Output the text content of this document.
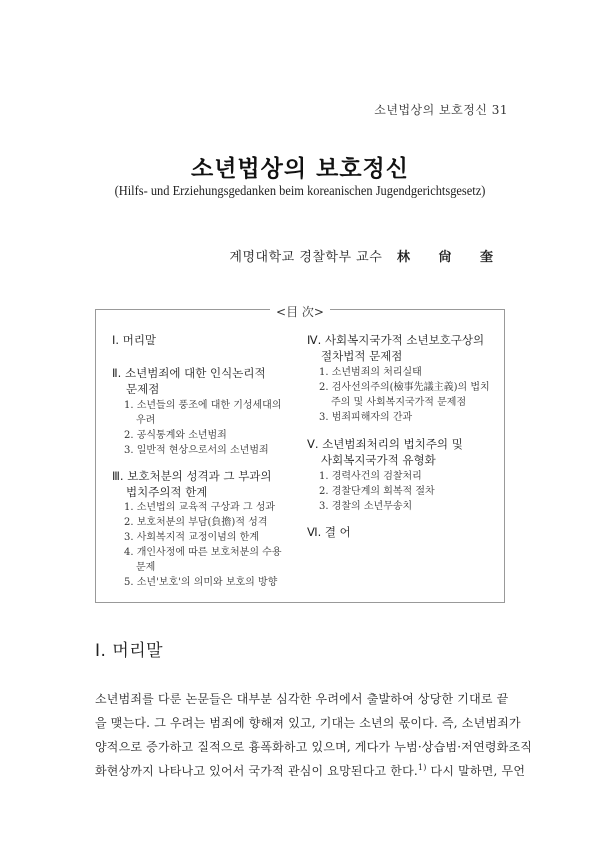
소년법상의 보호정신 31
소년법상의 보호정신
(Hilfs- und Erziehungsgedanken beim koreanischen Jugendgerichtsgesetz)
계명대학교 경찰학부 교수 林 尙 奎
<目 次>
Ⅰ. 머리말
Ⅱ. 소년범죄에 대한 인식논리적
문제점
1. 소년들의 풍조에 대한 기성세대의
우려
2. 공식통계와 소년범죄
3. 일반적 현상으로서의 소년범죄
Ⅲ. 보호처분의 성격과 그 부과의
법치주의적 한계
1. 소년법의 교육적 구상과 그 성과
2. 보호처분의 부담(負擔)적 성격
3. 사회복지적 교정이념의 한계
4. 개인사정에 따른 보호처분의 수용
문제
5. 소년'보호'의 의미와 보호의 방향
Ⅳ. 사회복지국가적 소년보호구상의
절차법적 문제점
1. 소년범죄의 처리실태
2. 검사선의주의(檢事先議主義)의 법치
주의 및 사회복지국가적 문제점
3. 범죄피해자의 간과
Ⅴ. 소년범죄처리의 법치주의 및
사회복지국가적 유형화
1. 경력사건의 검찰처리
2. 경찰단계의 회복적 절차
3. 경찰의 소년무송치
Ⅵ. 결 어
Ⅰ. 머리말
소년범죄를 다룬 논문들은 대부분 심각한 우려에서 출발하여 상당한 기대로 끝
을 맺는다. 그 우려는 범죄에 향해져 있고, 기대는 소년의 몫이다. 즉, 소년범죄가
양적으로 증가하고 질적으로 흉폭화하고 있으며, 게다가 누범·상습범·저연령화조직
화현상까지 나타나고 있어서 국가적 관심이 요망된다고 한다.$^{1)}$ 다시 말하면, 무언
